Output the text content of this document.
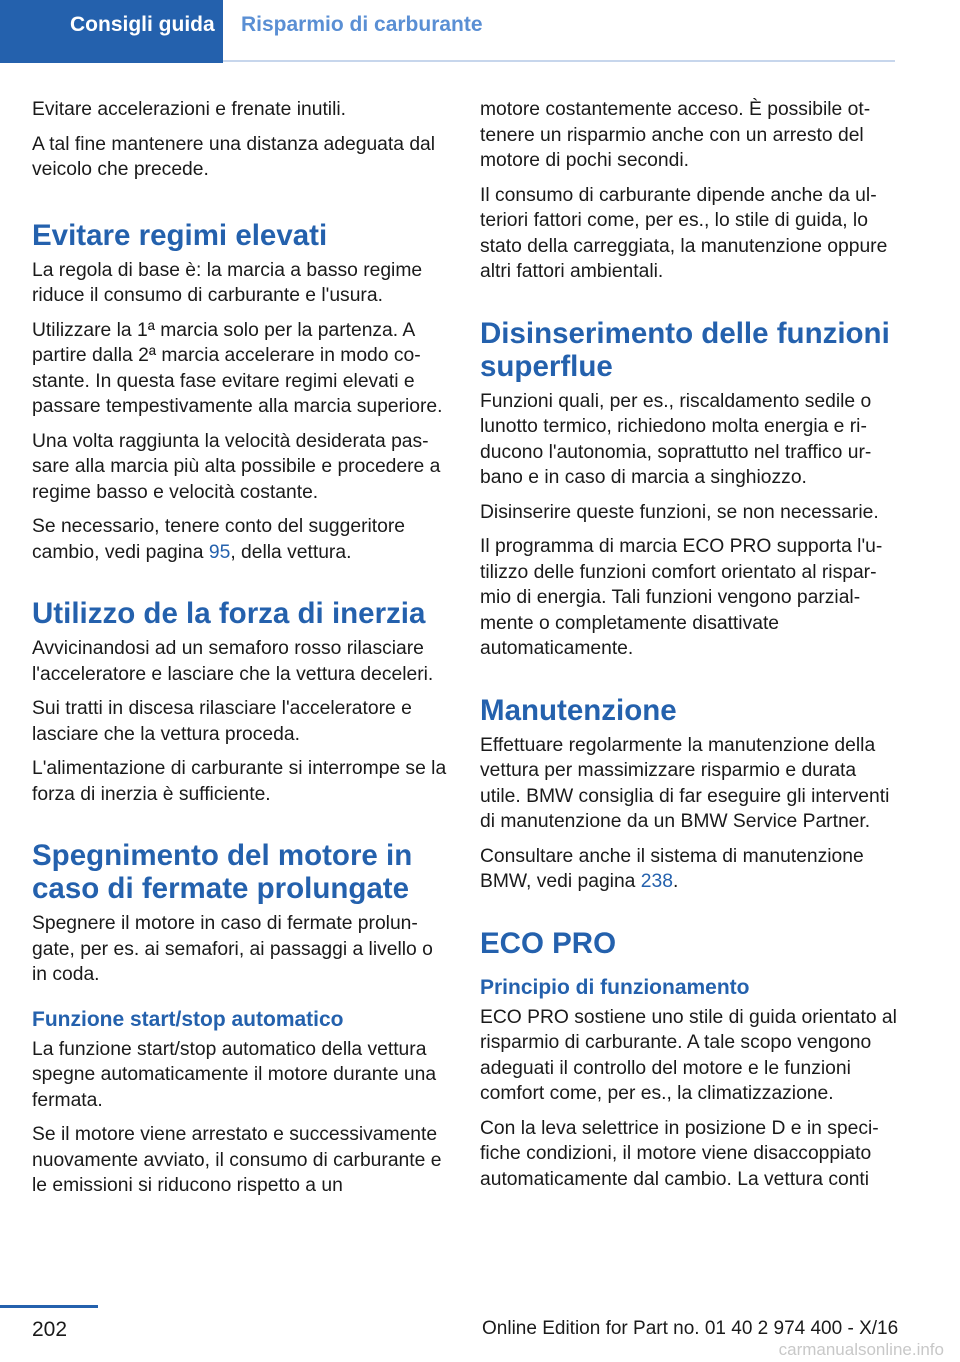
Consigli guida	Risparmio di carburante

Evitare accelerazioni e frenate inutili.

A tal fine mantenere una distanza adeguata dal veicolo che precede.

Evitare regimi elevati

La regola di base è: la marcia a basso regime riduce il consumo di carburante e l'usura.

Utilizzare la 1ª marcia solo per la partenza. A partire dalla 2ª marcia accelerare in modo costante. In questa fase evitare regimi elevati e passare tempestivamente alla marcia superiore.

Una volta raggiunta la velocità desiderata passare alla marcia più alta possibile e procedere a regime basso e velocità costante.

Se necessario, tenere conto del suggeritore cambio, vedi pagina 95, della vettura.

Utilizzo de la forza di inerzia

Avvicinandosi ad un semaforo rosso rilasciare l'acceleratore e lasciare che la vettura deceleri.

Sui tratti in discesa rilasciare l'acceleratore e lasciare che la vettura proceda.

L'alimentazione di carburante si interrompe se la forza di inerzia è sufficiente.

Spegnimento del motore in caso di fermate prolungate

Spegnere il motore in caso di fermate prolungate, per es. ai semafori, ai passaggi a livello o in coda.

Funzione start/stop automatico

La funzione start/stop automatico della vettura spegne automaticamente il motore durante una fermata.

Se il motore viene arrestato e successivamente nuovamente avviato, il consumo di carburante e le emissioni si riducono rispetto a un

motore costantemente acceso. È possibile ottenere un risparmio anche con un arresto del motore di pochi secondi.

Il consumo di carburante dipende anche da ulteriori fattori come, per es., lo stile di guida, lo stato della carreggiata, la manutenzione oppure altri fattori ambientali.

Disinserimento delle funzioni superflue

Funzioni quali, per es., riscaldamento sedile o lunotto termico, richiedono molta energia e riducono l'autonomia, soprattutto nel traffico urbano e in caso di marcia a singhiozzo.

Disinserire queste funzioni, se non necessarie.

Il programma di marcia ECO PRO supporta l'utilizzo delle funzioni comfort orientato al risparmio di energia. Tali funzioni vengono parzialmente o completamente disattivate automaticamente.

Manutenzione

Effettuare regolarmente la manutenzione della vettura per massimizzare risparmio e durata utile. BMW consiglia di far eseguire gli interventi di manutenzione da un BMW Service Partner.

Consultare anche il sistema di manutenzione BMW, vedi pagina 238.

ECO PRO
Principio di funzionamento

ECO PRO sostiene uno stile di guida orientato al risparmio di carburante. A tale scopo vengono adeguati il controllo del motore e le funzioni comfort come, per es., la climatizzazione.

Con la leva selettrice in posizione D e in specifiche condizioni, il motore viene disaccoppiato automaticamente dal cambio. La vettura conti

202	Online Edition for Part no. 01 40 2 974 400 - X/16
carmanualsonline.info
